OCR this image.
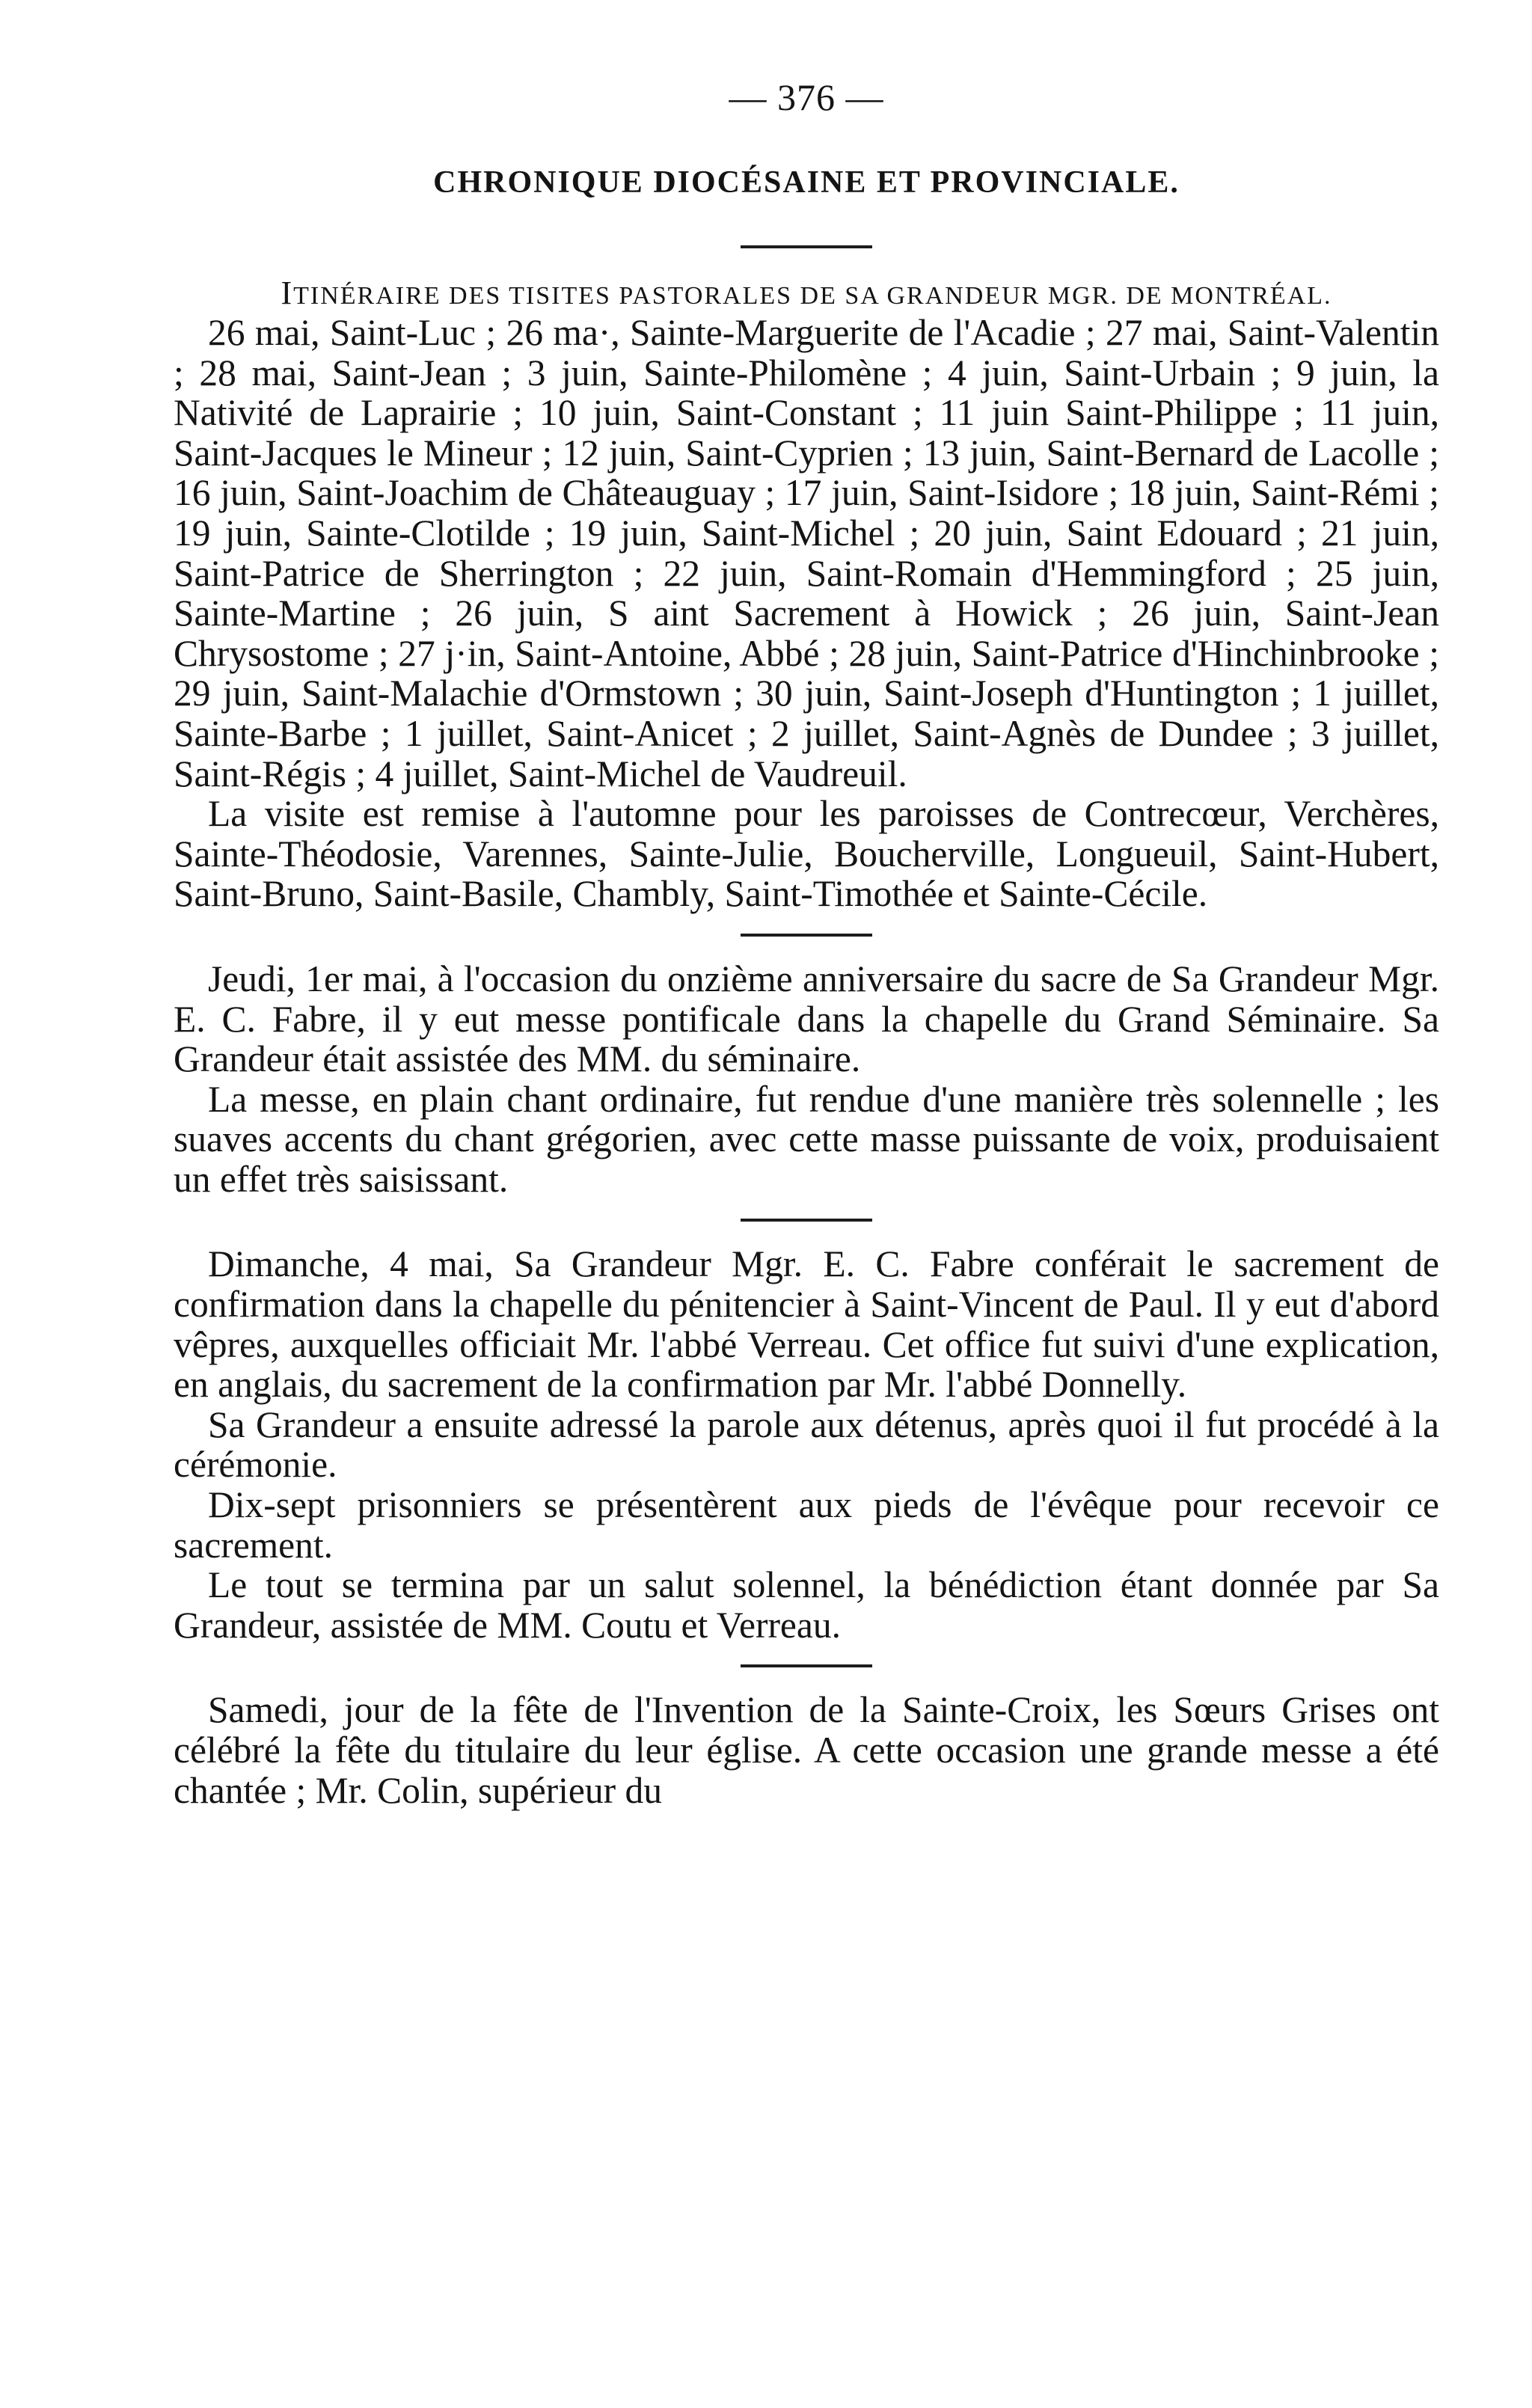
— 376 —
CHRONIQUE DIOCÉSAINE ET PROVINCIALE.
ITINÉRAIRE DES TISITES PASTORALES DE SA GRANDEUR MGR. DE MONTRÉAL.

26 mai, Saint-Luc ; 26 ma·, Sainte-Marguerite de l'Acadie ; 27 mai, Saint-Valentin ; 28 mai, Saint-Jean ; 3 juin, Sainte-Philomène ; 4 juin, Saint-Urbain ; 9 juin, la Nativité de Laprairie ; 10 juin, Saint-Constant ; 11 juin Saint-Philippe ; 11 juin, Saint-Jacques le Mineur ; 12 juin, Saint-Cyprien ; 13 juin, Saint-Bernard de Lacolle ; 16 juin, Saint-Joachim de Châteauguay ; 17 juin, Saint-Isidore ; 18 juin, Saint-Rémi ; 19 juin, Sainte-Clotilde ; 19 juin, Saint-Michel ; 20 juin, Saint Edouard ; 21 juin, Saint-Patrice de Sherrington ; 22 juin, Saint-Romain d'Hemmingford ; 25 juin, Sainte-Martine ; 26 juin, S aint Sacrement à Howick ; 26 juin, Saint-Jean Chrysostome ; 27 j·in, Saint-Antoine, Abbé ; 28 juin, Saint-Patrice d'Hinchinbrooke ; 29 juin, Saint-Malachie d'Ormstown ; 30 juin, Saint-Joseph d'Huntington ; 1 juillet, Sainte-Barbe ; 1 juillet, Saint-Anicet ; 2 juillet, Saint-Agnès de Dundee ; 3 juillet, Saint-Régis ; 4 juillet, Saint-Michel de Vaudreuil.

La visite est remise à l'automne pour les paroisses de Contrecœur, Verchères, Sainte-Théodosie, Varennes, Sainte-Julie, Boucherville, Longueuil, Saint-Hubert, Saint-Bruno, Saint-Basile, Chambly, Saint-Timothée et Sainte-Cécile.

Jeudi, 1er mai, à l'occasion du onzième anniversaire du sacre de Sa Grandeur Mgr. E. C. Fabre, il y eut messe pontificale dans la chapelle du Grand Séminaire. Sa Grandeur était assistée des MM. du séminaire.

La messe, en plain chant ordinaire, fut rendue d'une manière très solennelle ; les suaves accents du chant grégorien, avec cette masse puissante de voix, produisaient un effet très saisissant.

Dimanche, 4 mai, Sa Grandeur Mgr. E. C. Fabre conférait le sacrement de confirmation dans la chapelle du pénitencier à Saint-Vincent de Paul. Il y eut d'abord vêpres, auxquelles officiait Mr. l'abbé Verreau. Cet office fut suivi d'une explication, en anglais, du sacrement de la confirmation par Mr. l'abbé Donnelly.

Sa Grandeur a ensuite adressé la parole aux détenus, après quoi il fut procédé à la cérémonie.

Dix-sept prisonniers se présentèrent aux pieds de l'évêque pour recevoir ce sacrement.

Le tout se termina par un salut solennel, la bénédiction étant donnée par Sa Grandeur, assistée de MM. Coutu et Verreau.

Samedi, jour de la fête de l'Invention de la Sainte-Croix, les Sœurs Grises ont célébré la fête du titulaire du leur église. A cette occasion une grande messe a été chantée ; Mr. Colin, supérieur du
